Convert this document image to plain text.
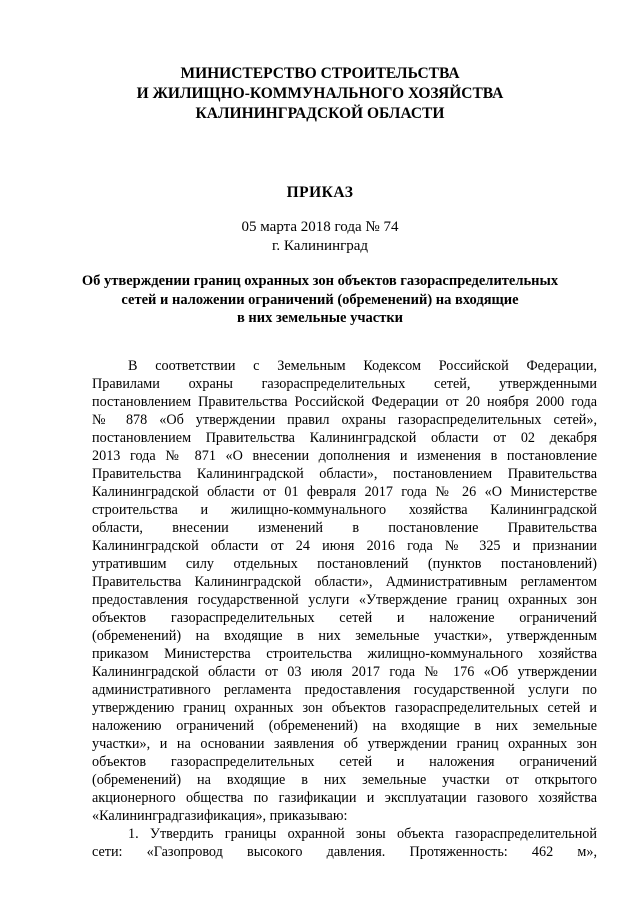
МИНИСТЕРСТВО СТРОИТЕЛЬСТВА
И ЖИЛИЩНО-КОММУНАЛЬНОГО ХОЗЯЙСТВА
КАЛИНИНГРАДСКОЙ ОБЛАСТИ
ПРИКАЗ
05 марта 2018 года № 74
г. Калининград
Об утверждении границ охранных зон объектов газораспределительных
сетей и наложении ограничений (обременений) на входящие
в них земельные участки
В соответствии с Земельным Кодексом Российской Федерации,
Правилами охраны газораспределительных сетей, утвержденными
постановлением Правительства Российской Федерации от 20 ноября 2000 года
№ 878 «Об утверждении правил охраны газораспределительных сетей»,
постановлением Правительства Калининградской области от 02 декабря
2013 года № 871 «О внесении дополнения и изменения в постановление
Правительства Калининградской области», постановлением Правительства
Калининградской области от 01 февраля 2017 года № 26 «О Министерстве
строительства и жилищно-коммунального хозяйства Калининградской
области, внесении изменений в постановление Правительства
Калининградской области от 24 июня 2016 года № 325 и признании
утратившим силу отдельных постановлений (пунктов постановлений)
Правительства Калининградской области», Административным регламентом
предоставления государственной услуги «Утверждение границ охранных зон
объектов газораспределительных сетей и наложение ограничений
(обременений) на входящие в них земельные участки», утвержденным
приказом Министерства строительства жилищно-коммунального хозяйства
Калининградской области от 03 июля 2017 года № 176 «Об утверждении
административного регламента предоставления государственной услуги по
утверждению границ охранных зон объектов газораспределительных сетей и
наложению ограничений (обременений) на входящие в них земельные
участки», и на основании заявления об утверждении границ охранных зон
объектов газораспределительных сетей и наложения ограничений
(обременений) на входящие в них земельные участки от открытого
акционерного общества по газификации и эксплуатации газового хозяйства
«Калининградгазификация», приказываю:
1. Утвердить границы охранной зоны объекта газораспределительной
сети: «Газопровод высокого давления. Протяженность: 462 м»,
